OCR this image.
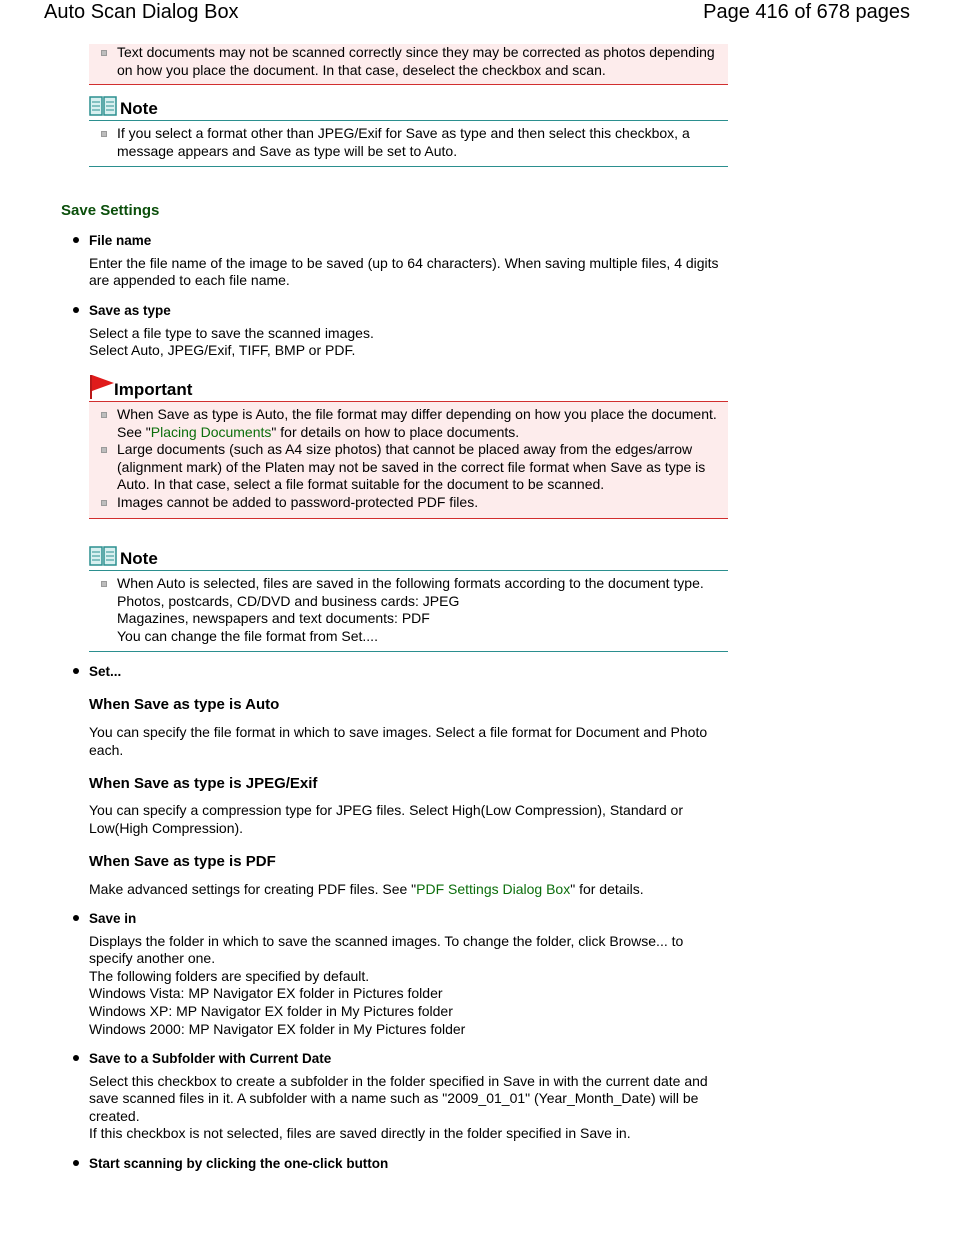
Auto Scan Dialog Box	Page 416 of 678 pages
Text documents may not be scanned correctly since they may be corrected as photos depending on how you place the document. In that case, deselect the checkbox and scan.
Note
If you select a format other than JPEG/Exif for Save as type and then select this checkbox, a message appears and Save as type will be set to Auto.
Save Settings

File name

Enter the file name of the image to be saved (up to 64 characters). When saving multiple files, 4 digits are appended to each file name.

Save as type

Select a file type to save the scanned images.

Select Auto, JPEG/Exif, TIFF, BMP or PDF.

Important
When Save as type is Auto, the file format may differ depending on how you place the document.
See "Placing Documents" for details on how to place documents.
Large documents (such as A4 size photos) that cannot be placed away from the edges/arrow (alignment mark) of the Platen may not be saved in the correct file format when Save as type is Auto. In that case, select a file format suitable for the document to be scanned.
Images cannot be added to password-protected PDF files.
Note
When Auto is selected, files are saved in the following formats according to the document type.
Photos, postcards, CD/DVD and business cards: JPEG
Magazines, newspapers and text documents: PDF
You can change the file format from Set....

Set...

When Save as type is Auto
You can specify the file format in which to save images. Select a file format for Document and Photo each.
When Save as type is JPEG/Exif
You can specify a compression type for JPEG files. Select High(Low Compression), Standard or Low(High Compression).
When Save as type is PDF
Make advanced settings for creating PDF files. See "PDF Settings Dialog Box" for details.

Save in

Displays the folder in which to save the scanned images. To change the folder, click Browse... to specify another one.

The following folders are specified by default.

Windows Vista: MP Navigator EX folder in Pictures folder

Windows XP: MP Navigator EX folder in My Pictures folder

Windows 2000: MP Navigator EX folder in My Pictures folder

Save to a Subfolder with Current Date

Select this checkbox to create a subfolder in the folder specified in Save in with the current date and save scanned files in it. A subfolder with a name such as "2009_01_01" (Year_Month_Date) will be created.

If this checkbox is not selected, files are saved directly in the folder specified in Save in.

Start scanning by clicking the one-click button
